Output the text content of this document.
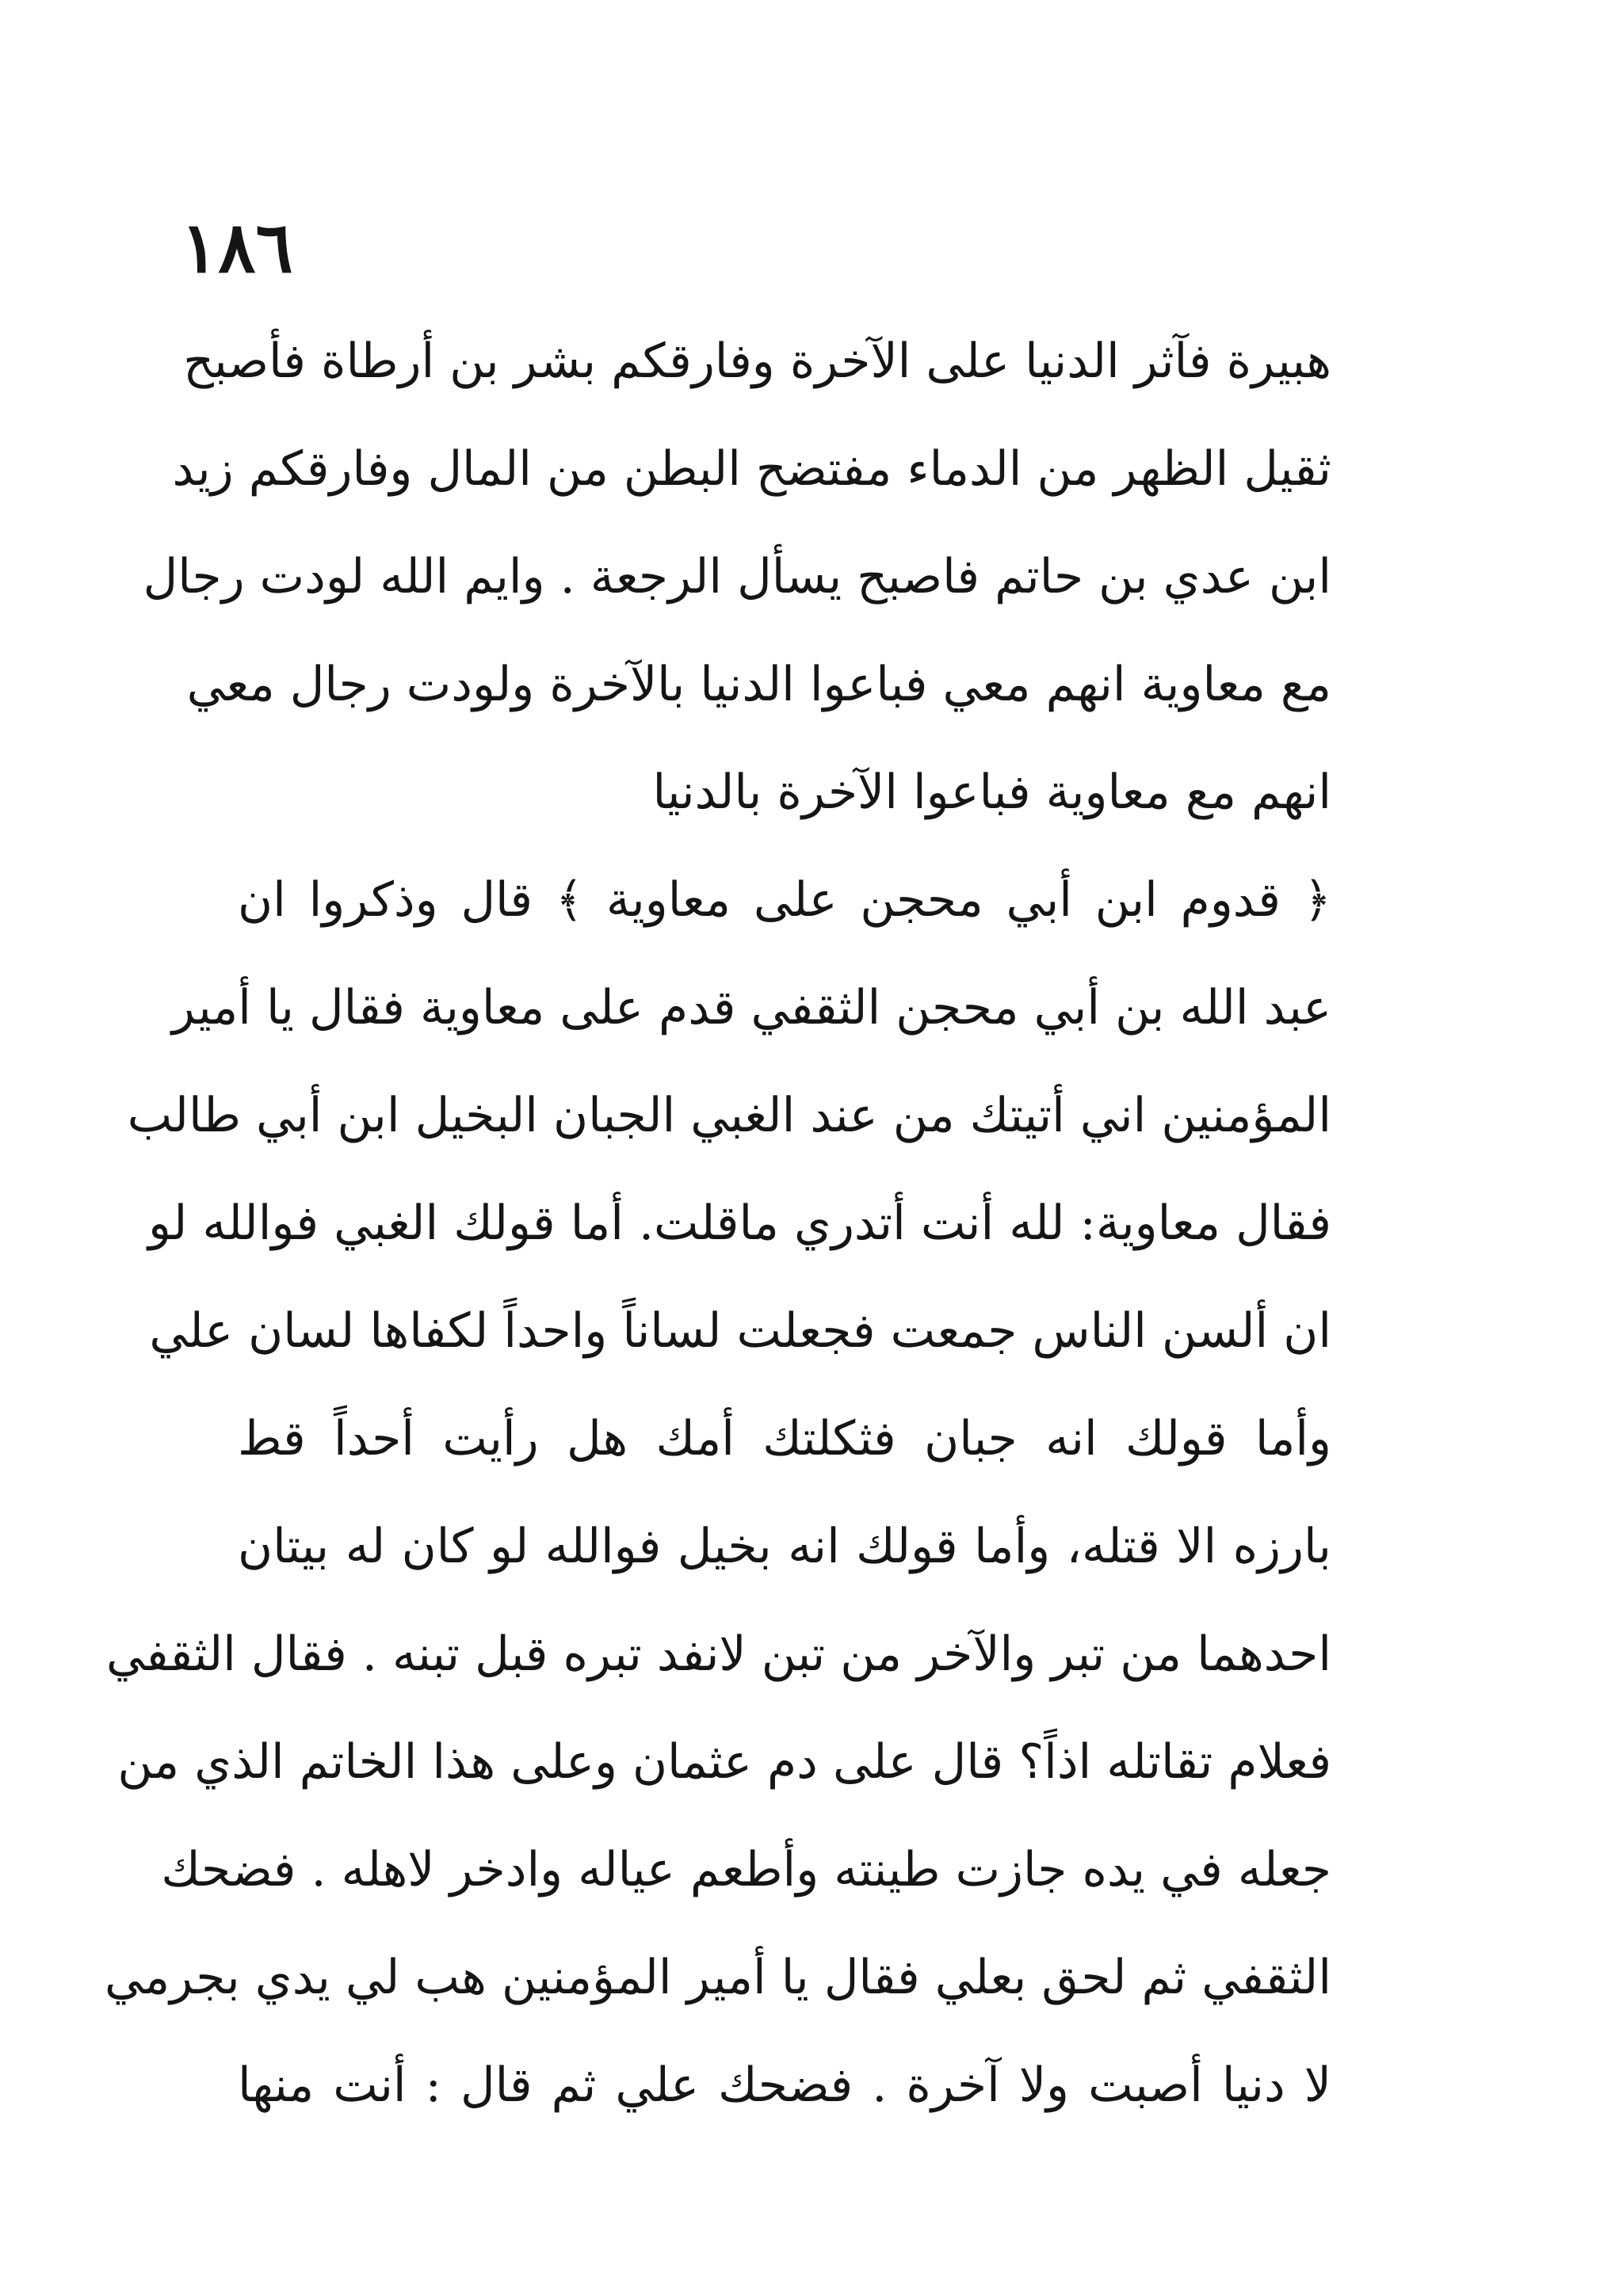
١٨٦
هبيرة فآثر الدنيا على الآخرة وفارقكم بشر بن أرطاة فأصبح
ثقيل الظهر من الدماء مفتضح البطن من المال وفارقكم زيد
ابن عدي بن حاتم فاصبح يسأل الرجعة . وايم الله لودت رجال
مع معاوية انهم معي فباعوا الدنيا بالآخرة ولودت رجال معي
انهم مع معاوية فباعوا الآخرة بالدنيا
﴿ قدوم ابن أبي محجن على معاوية ﴾ قال وذكروا ان
عبد الله بن أبي محجن الثقفي قدم على معاوية فقال يا أمير
المؤمنين اني أتيتك من عند الغبي الجبان البخيل ابن أبي طالب
فقال معاوية: لله أنت أتدري ماقلت. أما قولك الغبي فوالله لو
ان ألسن الناس جمعت فجعلت لساناً واحداً لكفاها لسان علي
وأما قولك انه جبان فثكلتك أمك هل رأيت أحداً قط
بارزه الا قتله، وأما قولك انه بخيل فوالله لو كان له بيتان
احدهما من تبر والآخر من تبن لانفد تبره قبل تبنه . فقال الثقفي
فعلام تقاتله اذاً؟ قال على دم عثمان وعلى هذا الخاتم الذي من
جعله في يده جازت طينته وأطعم عياله وادخر لاهله . فضحك
الثقفي ثم لحق بعلي فقال يا أمير المؤمنين هب لي يدي بجرمي
لا دنيا أصبت ولا آخرة . فضحك علي ثم قال : أنت منها
